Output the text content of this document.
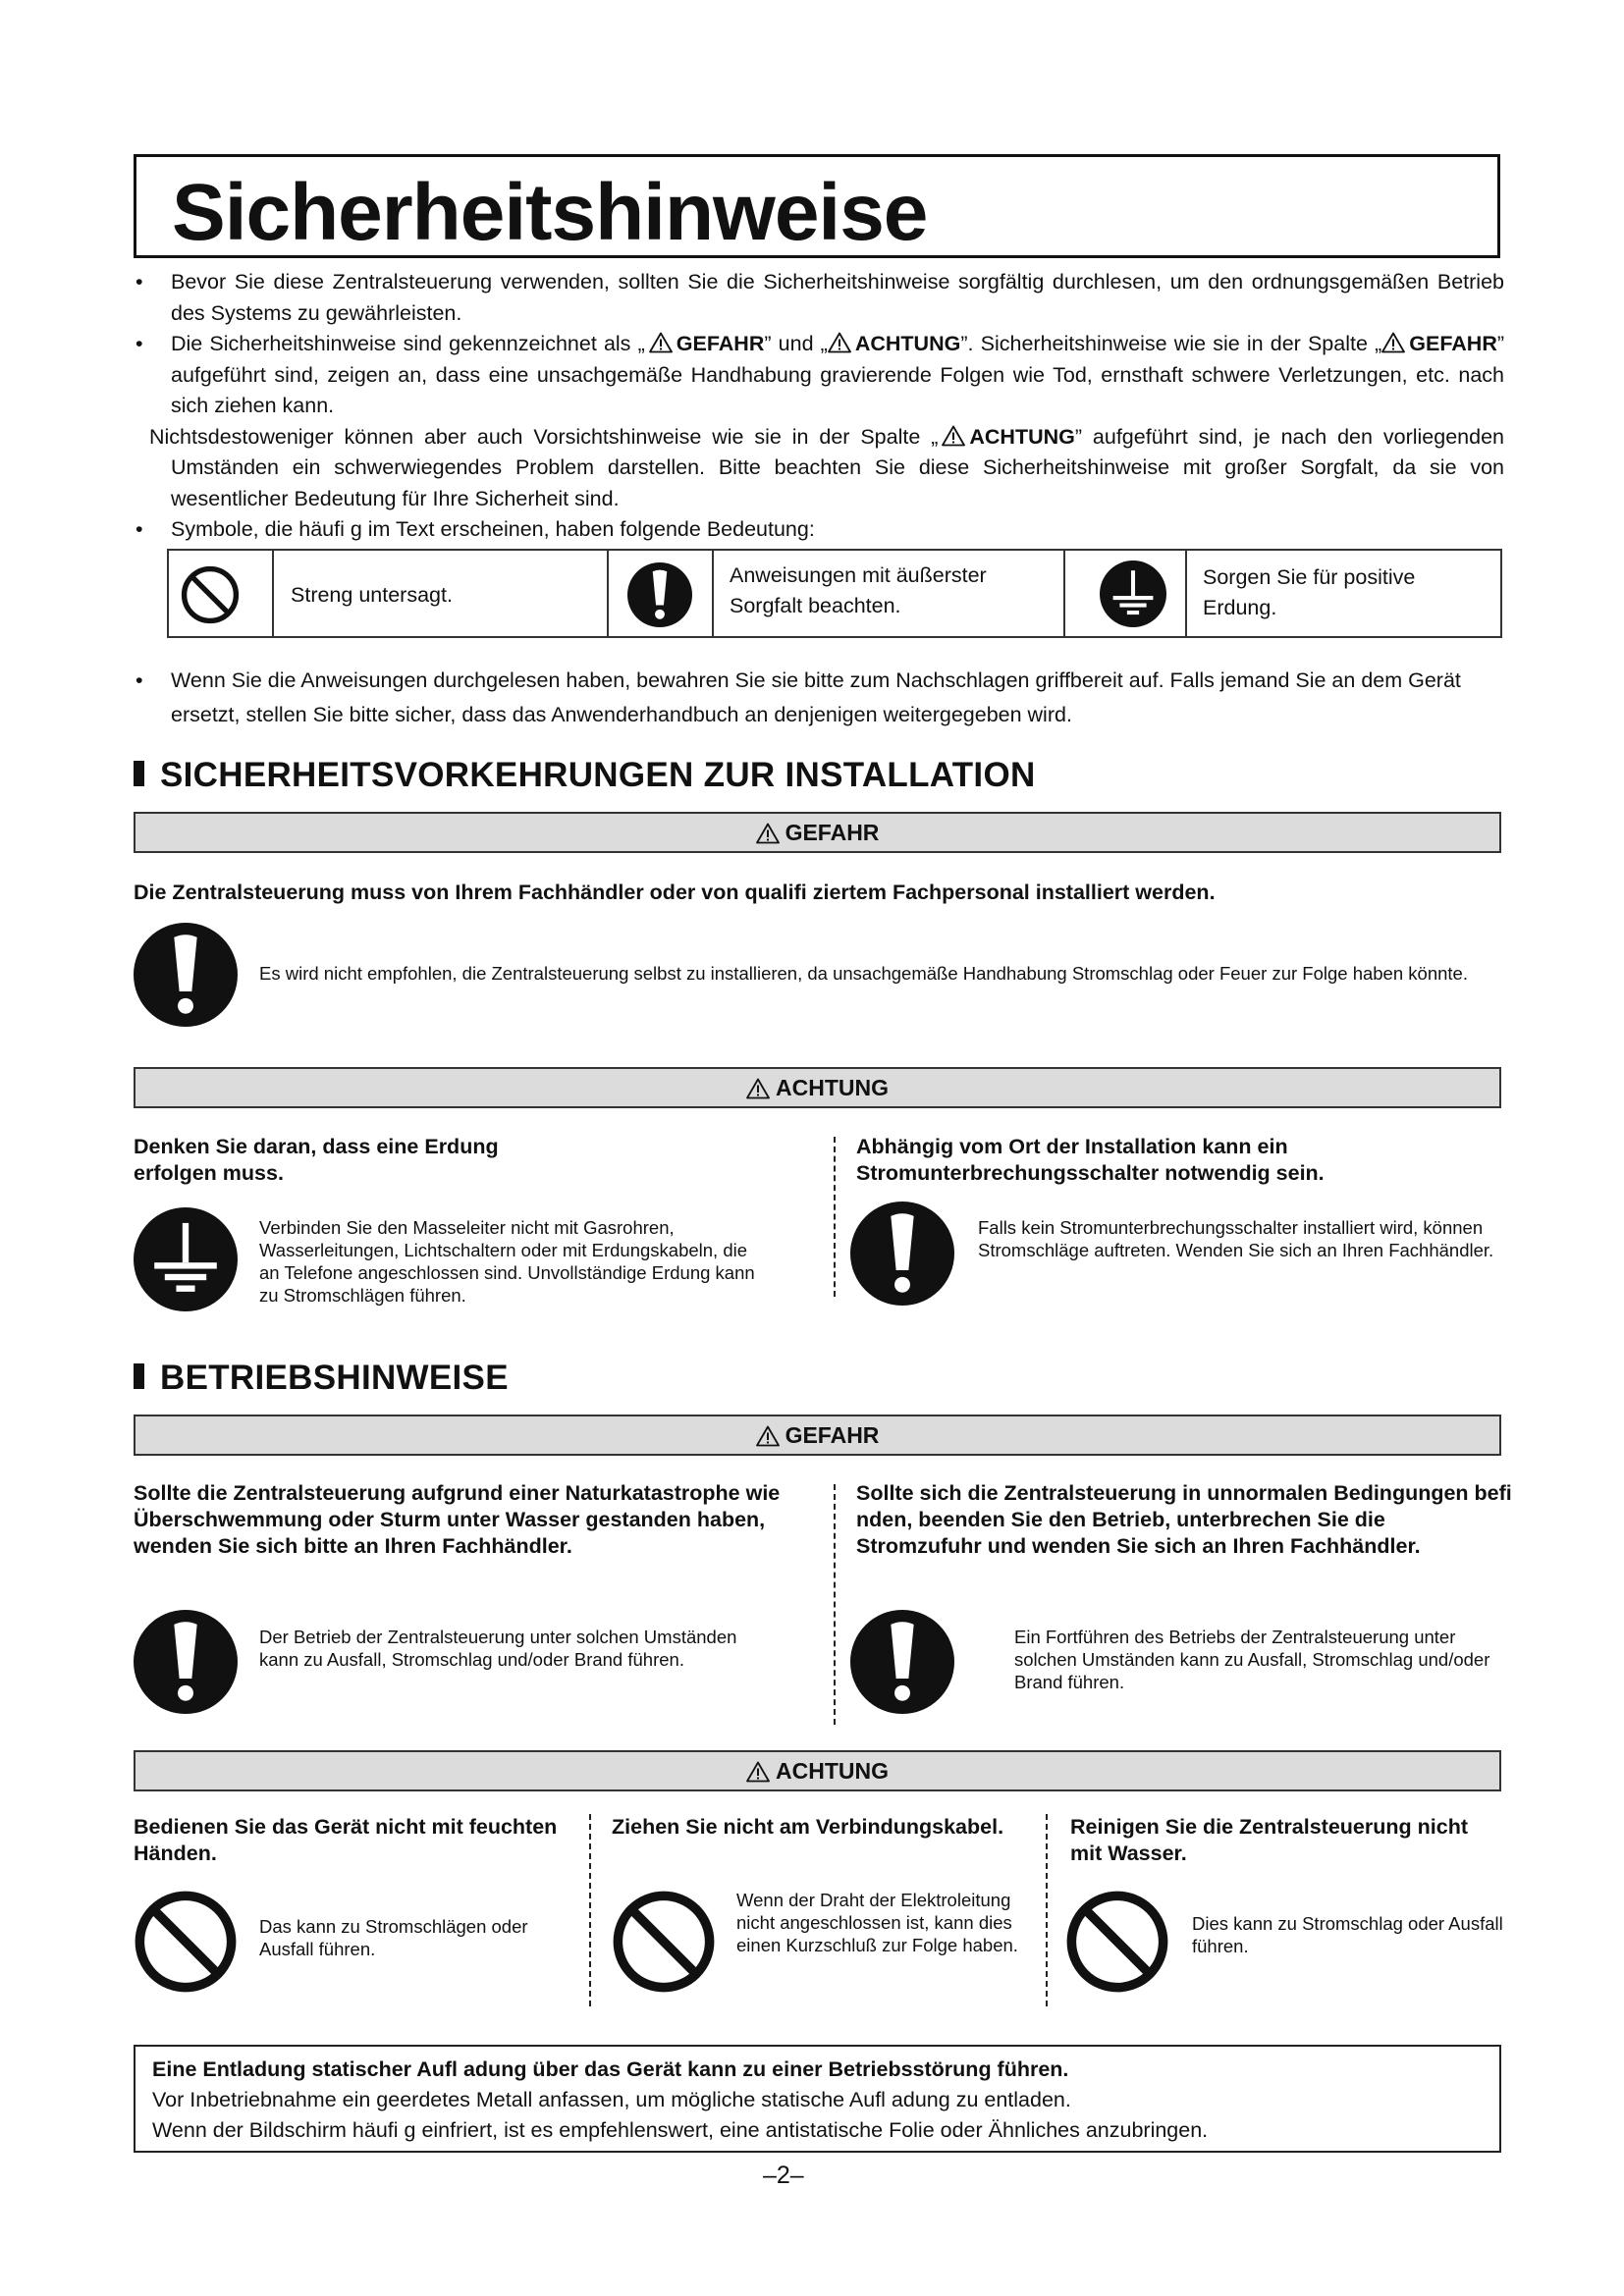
Sicherheitshinweise

• Bevor Sie diese Zentralsteuerung verwenden, sollten Sie die Sicherheitshinweise sorgfältig durchlesen, um den ordnungsgemäßen Betrieb des Systems zu gewährleisten.

• Die Sicherheitshinweise sind gekennzeichnet als „ GEFAHR” und „ ACHTUNG”. Sicherheitshinweise wie sie in der Spalte „ GEFAHR” aufgeführt sind, zeigen an, dass eine unsachgemäße Handhabung gravierende Folgen wie Tod, ernsthaft schwere Verletzungen, etc. nach sich ziehen kann.

Nichtsdestoweniger können aber auch Vorsichtshinweise wie sie in der Spalte „ ACHTUNG” aufgeführt sind, je nach den vorliegenden Umständen ein schwerwiegendes Problem darstellen. Bitte beachten Sie diese Sicherheitshinweise mit großer Sorgfalt, da sie von wesentlicher Bedeutung für Ihre Sicherheit sind.

• Symbole, die häufi g im Text erscheinen, haben folgende Bedeutung:

Streng untersagt.
Anweisungen mit äußerster Sorgfalt beachten.
Sorgen Sie für positive Erdung.

• Wenn Sie die Anweisungen durchgelesen haben, bewahren Sie sie bitte zum Nachschlagen griffbereit auf. Falls jemand Sie an dem Gerät ersetzt, stellen Sie bitte sicher, dass das Anwenderhandbuch an denjenigen weitergegeben wird.

SICHERHEITSVORKEHRUNGEN ZUR INSTALLATION
GEFAHR
Die Zentralsteuerung muss von Ihrem Fachhändler oder von qualifi ziertem Fachpersonal installiert werden.
Es wird nicht empfohlen, die Zentralsteuerung selbst zu installieren, da unsachgemäße Handhabung Stromschlag oder Feuer zur Folge haben könnte.
ACHTUNG
Denken Sie daran, dass eine Erdung erfolgen muss.
Verbinden Sie den Masseleiter nicht mit Gasrohren, Wasserleitungen, Lichtschaltern oder mit Erdungskabeln, die an Telefone angeschlossen sind. Unvollständige Erdung kann zu Stromschlägen führen.
Abhängig vom Ort der Installation kann ein Stromunterbrechungsschalter notwendig sein.
Falls kein Stromunterbrechungsschalter installiert wird, können Stromschläge auftreten. Wenden Sie sich an Ihren Fachhändler.
BETRIEBSHINWEISE
GEFAHR
Sollte die Zentralsteuerung aufgrund einer Naturkatastrophe wie Überschwemmung oder Sturm unter Wasser gestanden haben, wenden Sie sich bitte an Ihren Fachhändler.
Der Betrieb der Zentralsteuerung unter solchen Umständen kann zu Ausfall, Stromschlag und/oder Brand führen.
Sollte sich die Zentralsteuerung in unnormalen Bedingungen befi nden, beenden Sie den Betrieb, unterbrechen Sie die Stromzufuhr und wenden Sie sich an Ihren Fachhändler.
Ein Fortführen des Betriebs der Zentralsteuerung unter solchen Umständen kann zu Ausfall, Stromschlag und/oder Brand führen.
ACHTUNG
Bedienen Sie das Gerät nicht mit feuchten Händen.
Das kann zu Stromschlägen oder Ausfall führen.
Ziehen Sie nicht am Verbindungskabel.
Wenn der Draht der Elektroleitung nicht angeschlossen ist, kann dies einen Kurzschluß zur Folge haben.
Reinigen Sie die Zentralsteuerung nicht mit Wasser.
Dies kann zu Stromschlag oder Ausfall führen.
Eine Entladung statischer Aufl adung über das Gerät kann zu einer Betriebsstörung führen.
Vor Inbetriebnahme ein geerdetes Metall anfassen, um mögliche statische Aufl adung zu entladen.
Wenn der Bildschirm häufi g einfriert, ist es empfehlenswert, eine antistatische Folie oder Ähnliches anzubringen.
–2–
